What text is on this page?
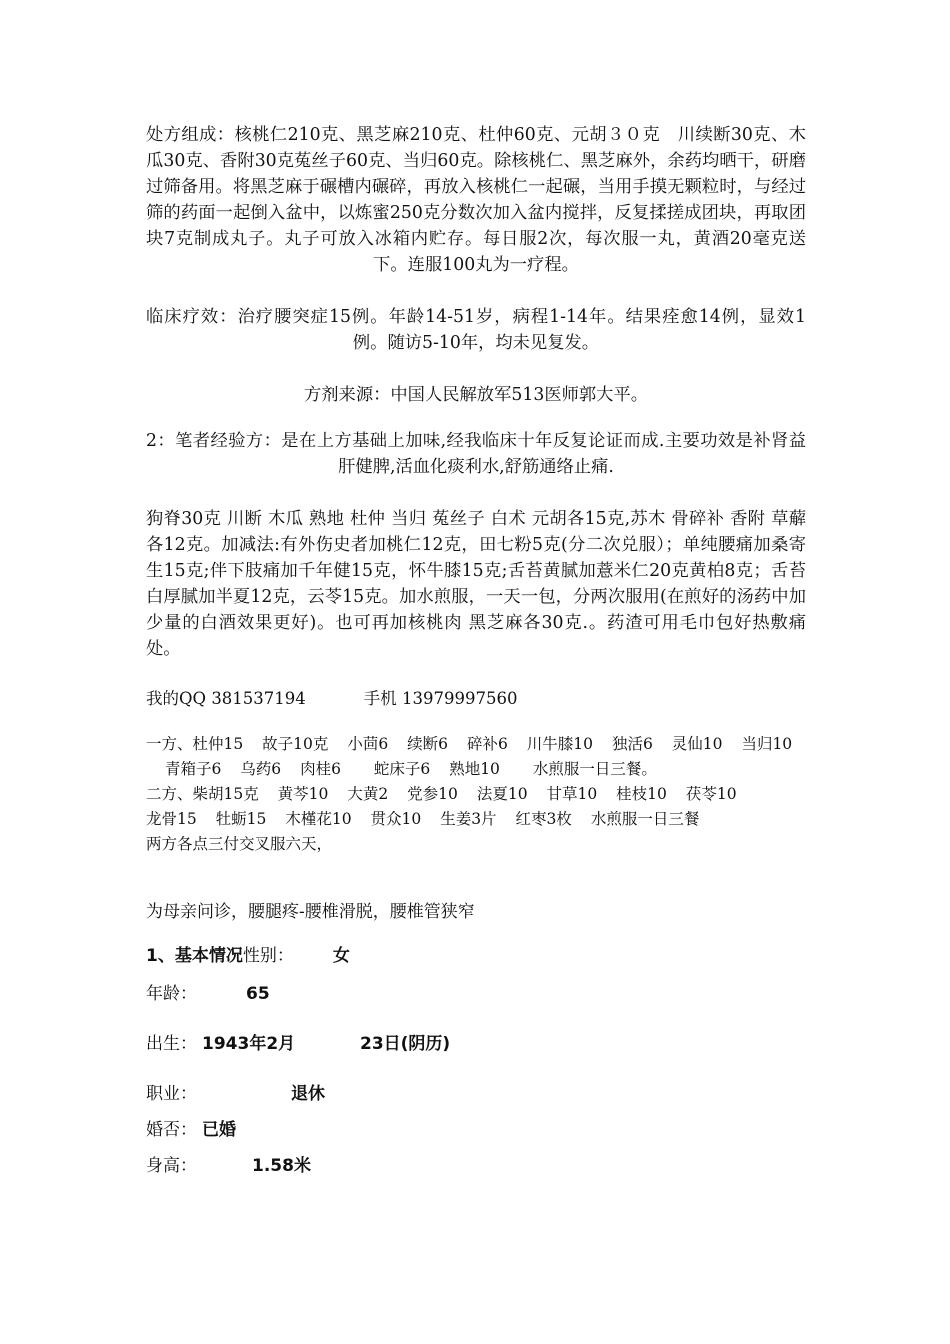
处方组成：核桃仁210克、黑芝麻210克、杜仲60克、元胡３０克　川续断30克、木瓜30克、香附30克菟丝子60克、当归60克。除核桃仁、黑芝麻外，余药均晒干，研磨过筛备用。将黑芝麻于碾槽内碾碎，再放入核桃仁一起碾，当用手摸无颗粒时，与经过筛的药面一起倒入盆中，以炼蜜250克分数次加入盆内搅拌，反复揉搓成团块，再取团块7克制成丸子。丸子可放入冰箱内贮存。每日服2次，每次服一丸，黄酒20毫克送下。连服100丸为一疗程。

临床疗效：治疗腰突症15例。年龄14-51岁，病程1-14年。结果痊愈14例，显效1例。随访5-10年，均未见复发。

方剂来源：中国人民解放军513医师郭大平。

2：笔者经验方：是在上方基础上加味,经我临床十年反复论证而成.主要功效是补肾益肝健脾,活血化痰利水,舒筋通络止痛.

狗脊30克 川断 木瓜 熟地 杜仲 当归 菟丝子 白术 元胡各15克,苏木 骨碎补 香附 草薢各12克。加减法:有外伤史者加桃仁12克，田七粉5克(分二次兑服）；单纯腰痛加桑寄生15克;伴下肢痛加千年健15克，怀牛膝15克;舌苔黄腻加薏米仁20克黄柏8克；舌苔白厚腻加半夏12克，云苓15克。加水煎服，一天一包，分两次服用(在煎好的汤药中加少量的白酒效果更好)。也可再加核桃肉 黑芝麻各30克.。药渣可用毛巾包好热敷痛处。

我的QQ 381537194	手机 13979997560

一方、杜仲15 故子10克 小茴6 续断6 碎补6 川牛膝10 独活6 灵仙10 当归10 青箱子6 乌药6 肉桂6 蛇床子6 熟地10 水煎服一日三餐。

二方、柴胡15克 黄芩10 大黄2 党参10 法夏10 甘草10 桂枝10 茯苓10 龙骨15 牡蛎15 木槿花10 贯众10 生姜3片 红枣3枚 水煎服一日三餐

两方各点三付交叉服六天，

为母亲问诊，腰腿疼-腰椎滑脱，腰椎管狭窄

1、基本情况性别： 女

年龄：	65

出生： 1943年2月	23日(阴历)

职业：	退休

婚否： 已婚

身高：	1.58米
